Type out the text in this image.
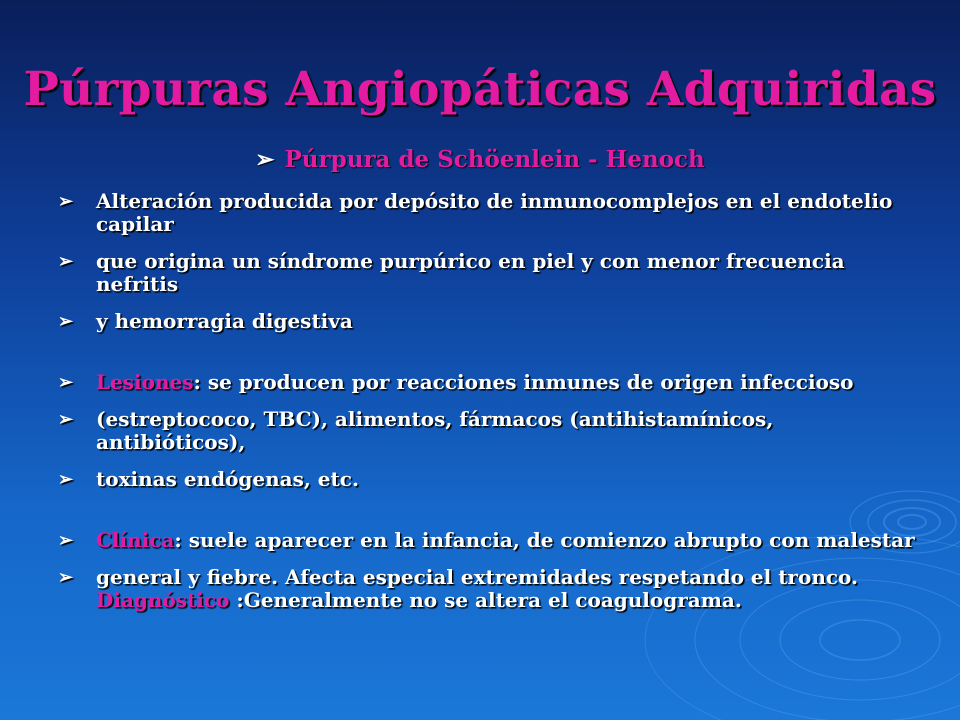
Púrpuras Angiopáticas Adquiridas
➢ Púrpura de Schöenlein - Henoch
➢ Alteración producida por depósito de inmunocomplejos en el endotelio capilar
➢ que origina un síndrome purpúrico en piel y con menor frecuencia nefritis
➢ y hemorragia digestiva
➢ Lesiones: se producen por reacciones inmunes de origen infeccioso
➢ (estreptococo, TBC), alimentos, fármacos (antihistamínicos, antibióticos),
➢ toxinas endógenas, etc.
➢ Clínica: suele aparecer en la infancia, de comienzo abrupto con malestar
➢ general y fiebre. Afecta especial extremidades respetando el tronco. Diagnóstico :Generalmente no se altera el coagulograma.
